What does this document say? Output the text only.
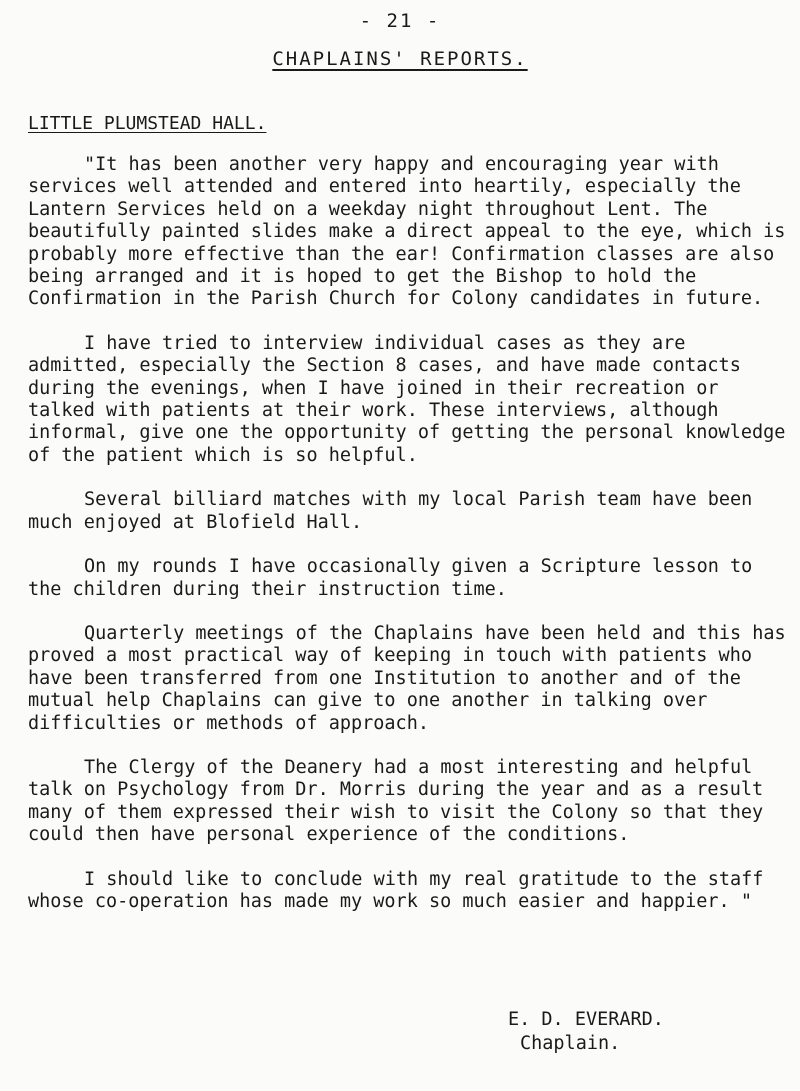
- 21 -
CHAPLAINS' REPORTS.
LITTLE PLUMSTEAD HALL.

"It has been another very happy and encouraging year with services well attended and entered into heartily, especially the Lantern Services held on a weekday night throughout Lent. The beautifully painted slides make a direct appeal to the eye, which is probably more effective than the ear! Confirmation classes are also being arranged and it is hoped to get the Bishop to hold the Confirmation in the Parish Church for Colony candidates in future.

I have tried to interview individual cases as they are admitted, especially the Section 8 cases, and have made contacts during the evenings, when I have joined in their recreation or talked with patients at their work. These interviews, although informal, give one the opportunity of getting the personal knowledge of the patient which is so helpful.

Several billiard matches with my local Parish team have been much enjoyed at Blofield Hall.

On my rounds I have occasionally given a Scripture lesson to the children during their instruction time.

Quarterly meetings of the Chaplains have been held and this has proved a most practical way of keeping in touch with patients who have been transferred from one Institution to another and of the mutual help Chaplains can give to one another in talking over difficulties or methods of approach.

The Clergy of the Deanery had a most interesting and helpful talk on Psychology from Dr. Morris during the year and as a result many of them expressed their wish to visit the Colony so that they could then have personal experience of the conditions.

I should like to conclude with my real gratitude to the staff whose co-operation has made my work so much easier and happier. "

E. D. EVERARD.
Chaplain.
